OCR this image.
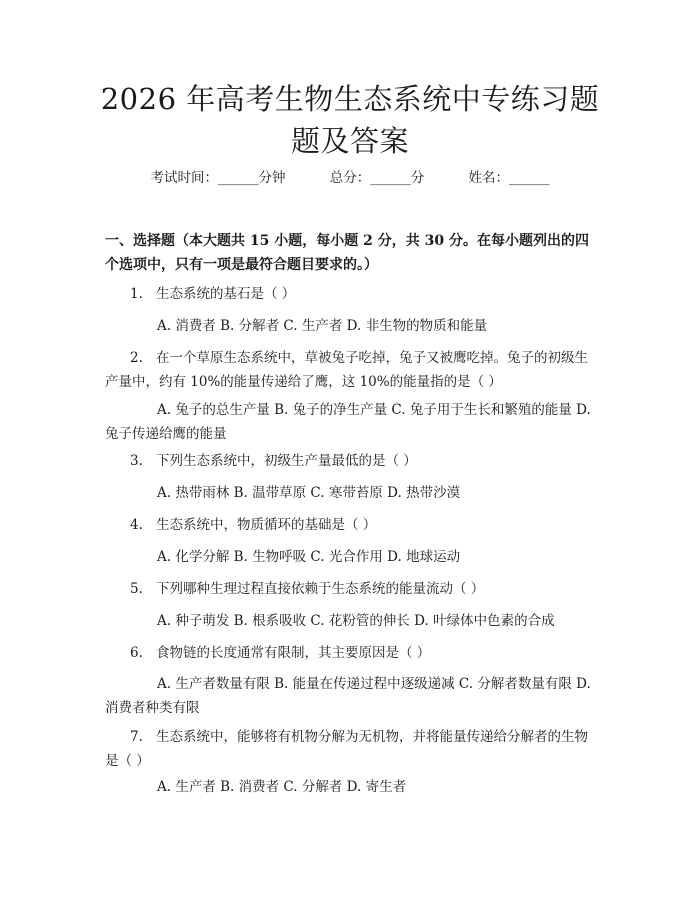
2026 年高考生物生态系统中专练习题题及答案
考试时间：______分钟	总分：______分	姓名：______

一、选择题（本大题共 15 小题，每小题 2 分，共 30 分。在每小题列出的四个选项中，只有一项是最符合题目要求的。）

1. 生态系统的基石是（ ）

A. 消费者 B. 分解者 C. 生产者 D. 非生物的物质和能量

2. 在一个草原生态系统中，草被兔子吃掉，兔子又被鹰吃掉。兔子的初级生产量中，约有 10%的能量传递给了鹰，这 10%的能量指的是（ ）

A. 兔子的总生产量 B. 兔子的净生产量 C. 兔子用于生长和繁殖的能量 D. 兔子传递给鹰的能量

3. 下列生态系统中，初级生产量最低的是（ ）

A. 热带雨林 B. 温带草原 C. 寒带苔原 D. 热带沙漠

4. 生态系统中，物质循环的基础是（ ）

A. 化学分解 B. 生物呼吸 C. 光合作用 D. 地球运动

5. 下列哪种生理过程直接依赖于生态系统的能量流动（ ）

A. 种子萌发 B. 根系吸收 C. 花粉管的伸长 D. 叶绿体中色素的合成

6. 食物链的长度通常有限制，其主要原因是（ ）

A. 生产者数量有限 B. 能量在传递过程中逐级递减 C. 分解者数量有限 D. 消费者种类有限

7. 生态系统中，能够将有机物分解为无机物，并将能量传递给分解者的生物是（ ）

A. 生产者 B. 消费者 C. 分解者 D. 寄生者
